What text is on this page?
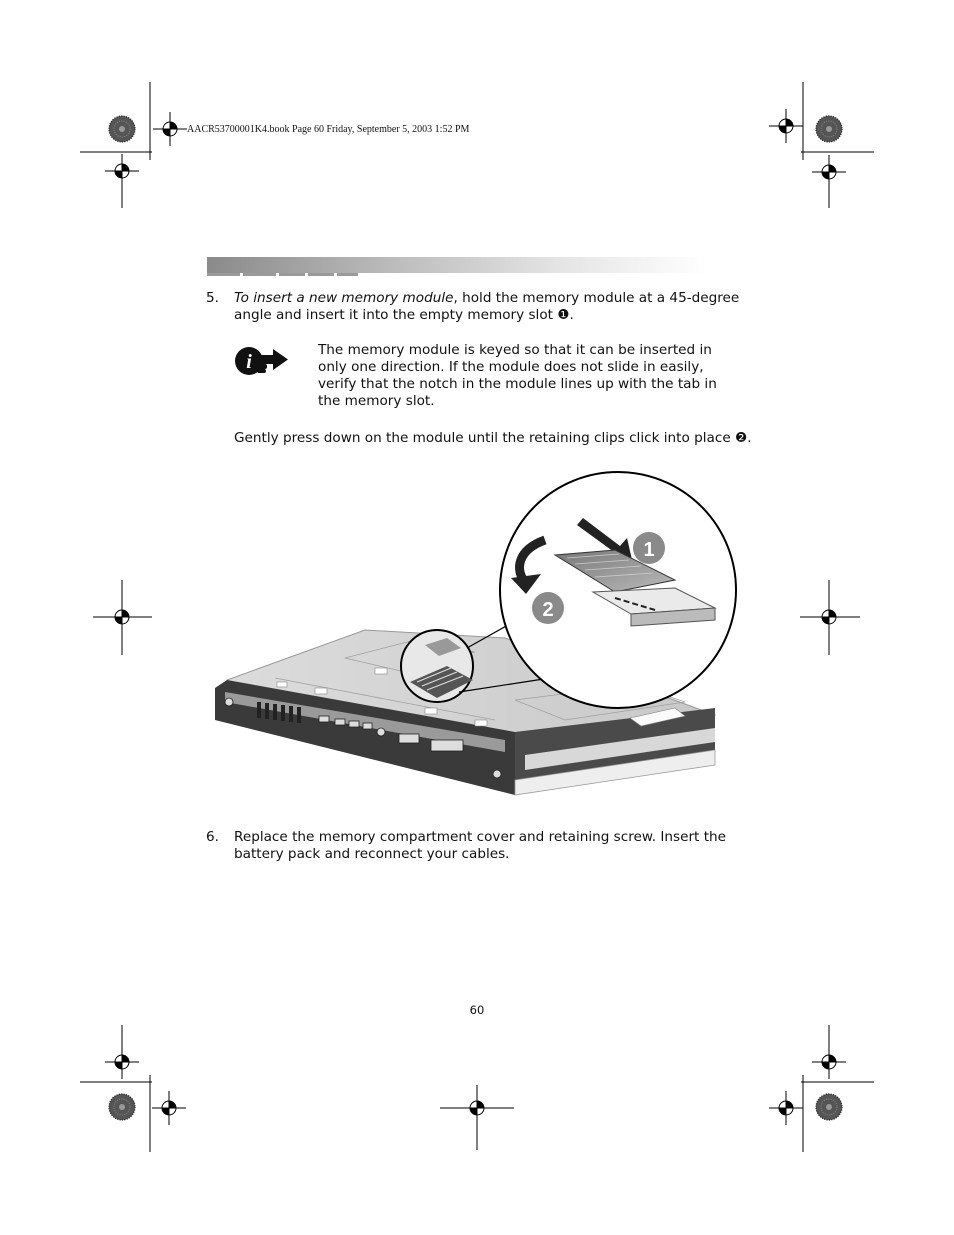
AACR53700001K4.book Page 60 Friday, September 5, 2003 1:52 PM
5. To insert a new memory module, hold the memory module at a 45-degree angle and insert it into the empty memory slot ❶.
i
The memory module is keyed so that it can be inserted in only one direction. If the module does not slide in easily, verify that the notch in the module lines up with the tab in the memory slot.
Gently press down on the module until the retaining clips click into place ❷.
1
2
6. Replace the memory compartment cover and retaining screw. Insert the battery pack and reconnect your cables.
60
